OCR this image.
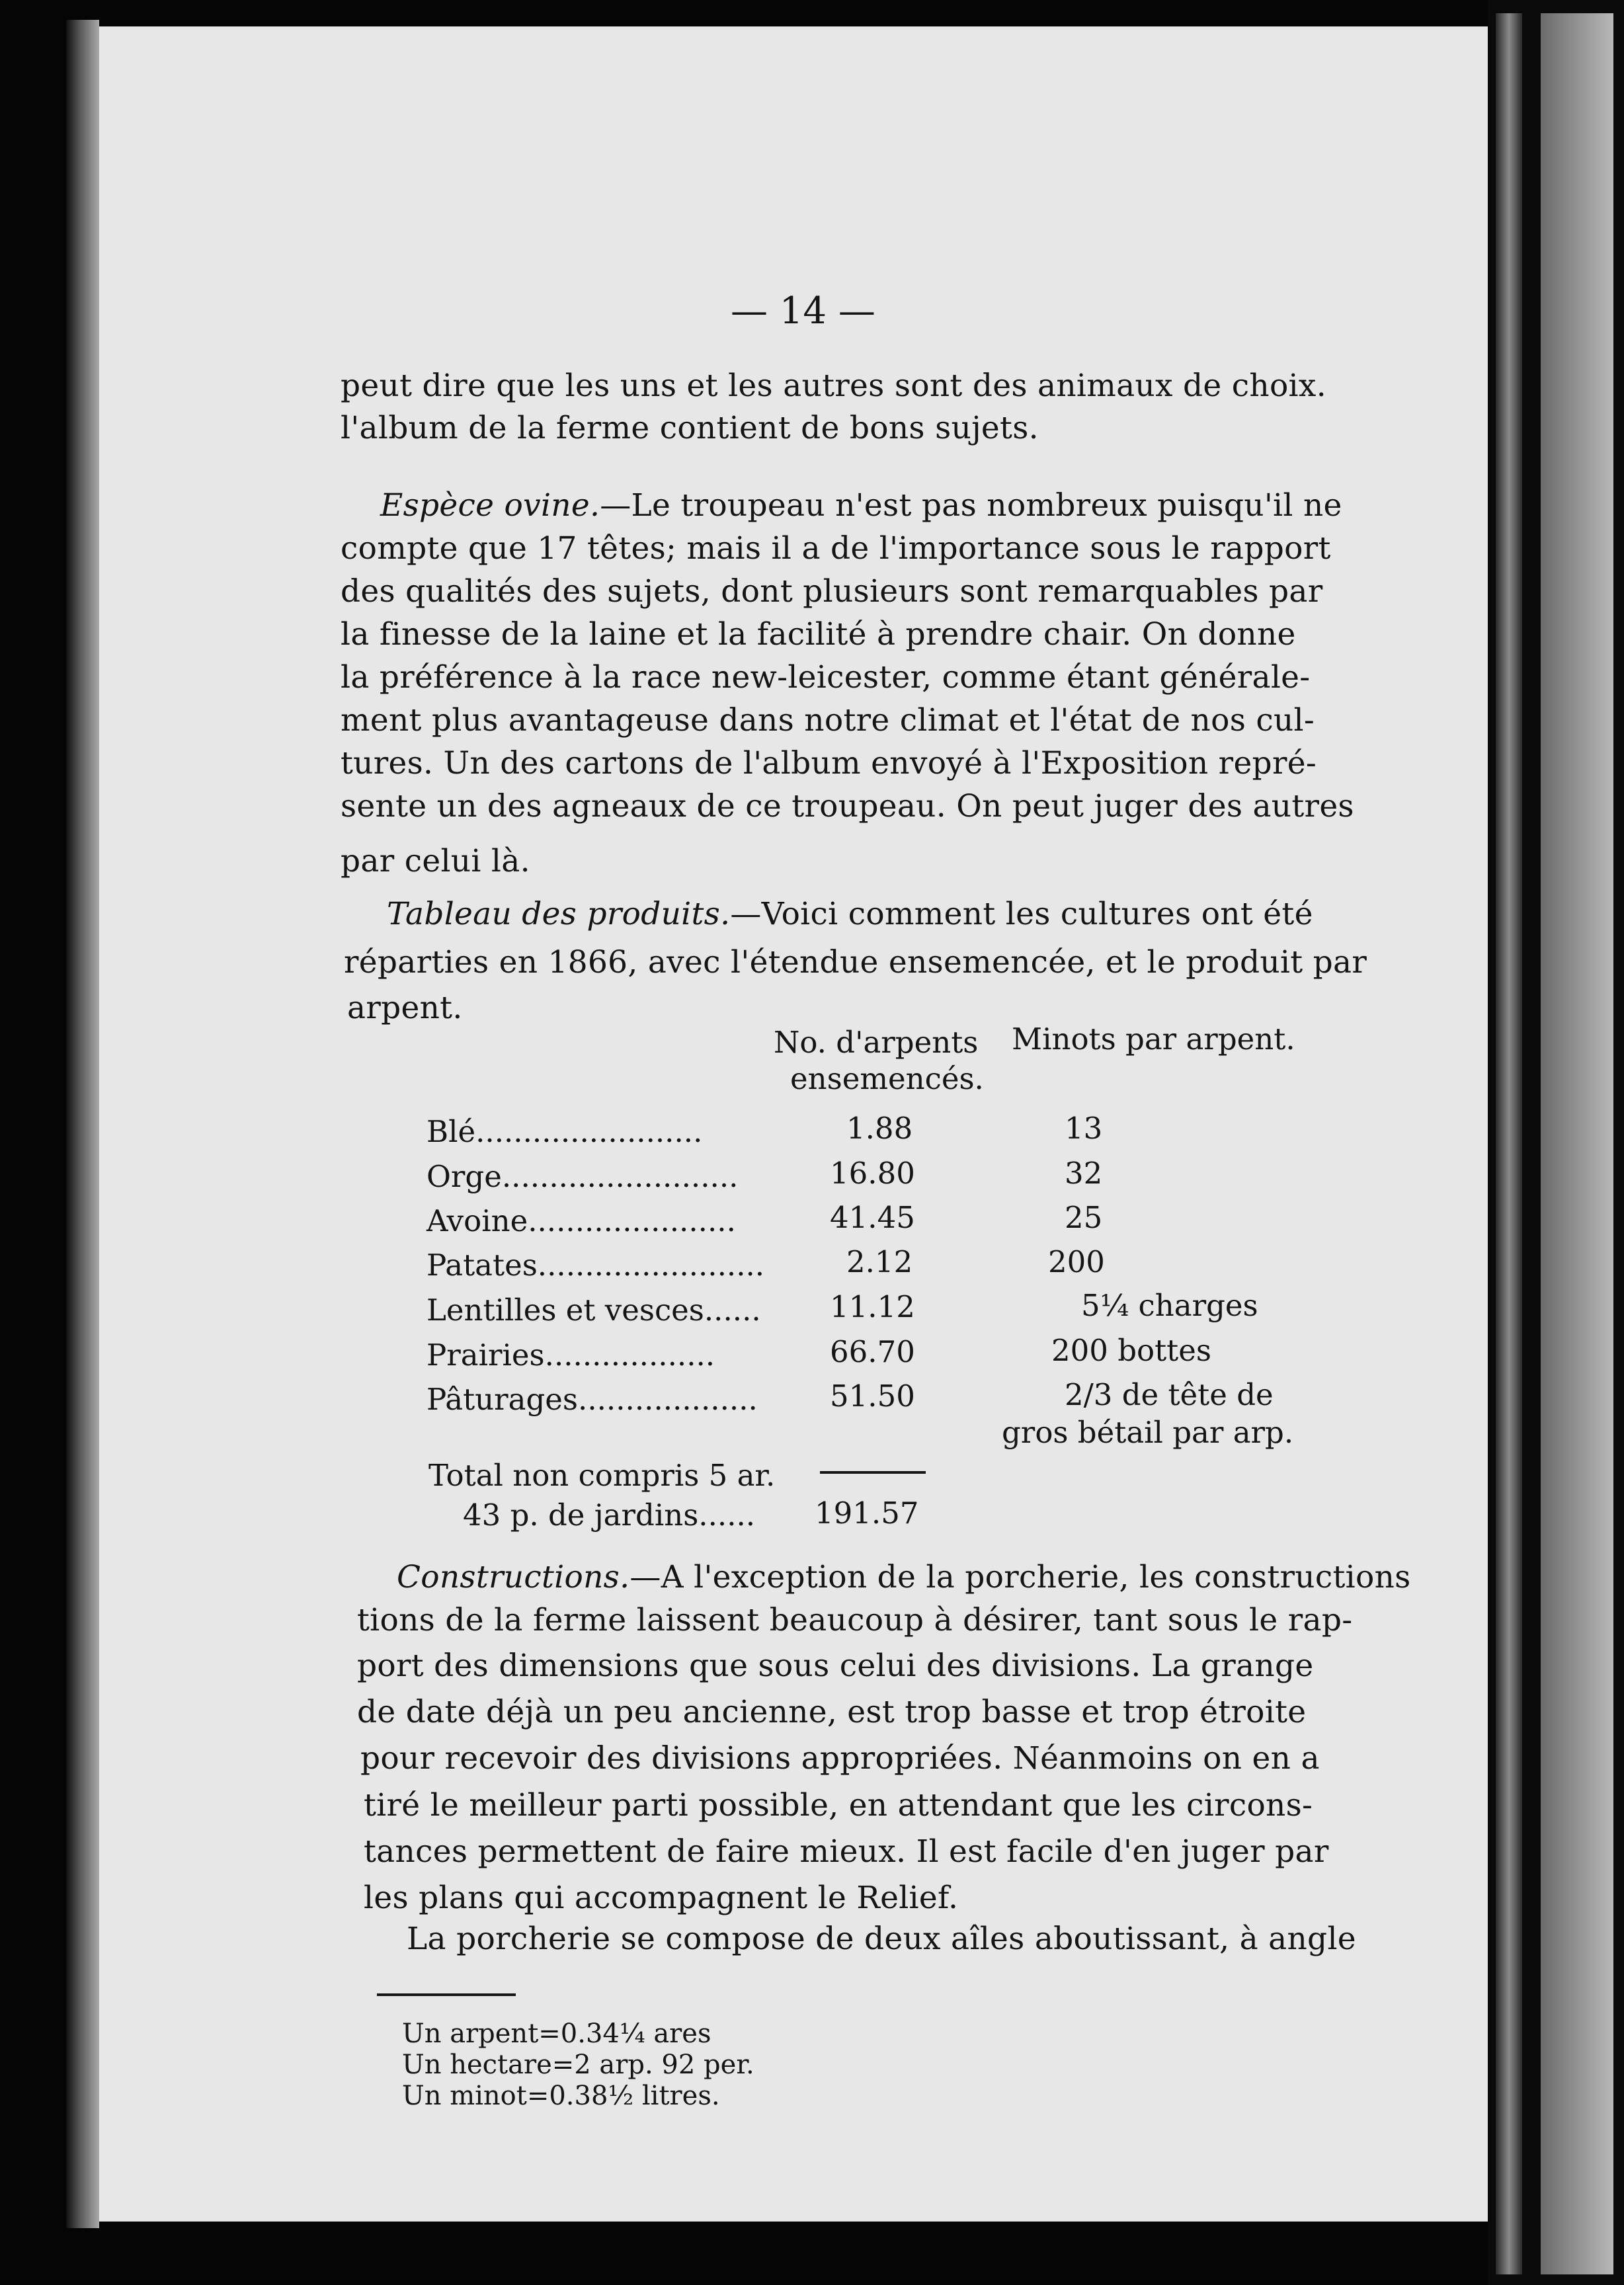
— 14 —
peut dire que les uns et les autres sont des animaux de choix.
l'album de la ferme contient de bons sujets.
Espèce ovine.—Le troupeau n'est pas nombreux puisqu'il ne
compte que 17 têtes; mais il a de l'importance sous le rapport
des qualités des sujets, dont plusieurs sont remarquables par
la finesse de la laine et la facilité à prendre chair. On donne
la préférence à la race new-leicester, comme étant générale-
ment plus avantageuse dans notre climat et l'état de nos cul-
tures. Un des cartons de l'album envoyé à l'Exposition repré-
sente un des agneaux de ce troupeau. On peut juger des autres
par celui là.
Tableau des produits.—Voici comment les cultures ont été
réparties en 1866, avec l'étendue ensemencée, et le produit par
arpent.
No. d'arpents
ensemencés.
Minots par arpent.
Blé........................	1.88	13
Orge.........................	16.80	32
Avoine......................	41.45	25
Patates........................	2.12	200
Lentilles et vesces...... 11.12	5¼ charges
Prairies..................	66.70	200 bottes
Pâturages................... 51.50	2/3 de tête de
gros bétail par arp.
Total non compris 5 ar.
43 p. de jardins...... 191.57
Constructions.—A l'exception de la porcherie, les constructions
tions de la ferme laissent beaucoup à désirer, tant sous le rap-
port des dimensions que sous celui des divisions. La grange
de date déjà un peu ancienne, est trop basse et trop étroite
pour recevoir des divisions appropriées. Néanmoins on en a
tiré le meilleur parti possible, en attendant que les circons-
tances permettent de faire mieux. Il est facile d'en juger par
les plans qui accompagnent le Relief.
La porcherie se compose de deux aîles aboutissant, à angle
Un arpent=0.34¼ ares
Un hectare=2 arp. 92 per.
Un minot=0.38½ litres.
